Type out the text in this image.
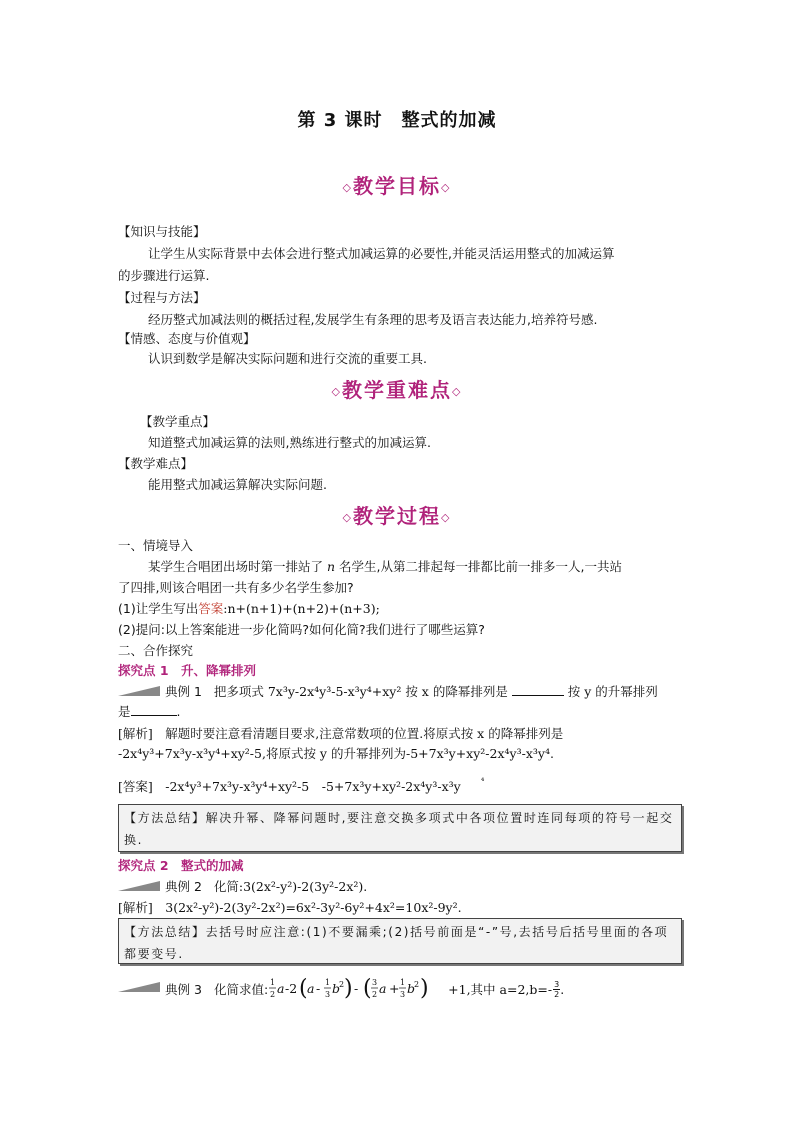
第 3 课时　整式的加减
◇教学目标◇
【知识与技能】
让学生从实际背景中去体会进行整式加减运算的必要性,并能灵活运用整式的加减运算
的步骤进行运算.
【过程与方法】
经历整式加减法则的概括过程,发展学生有条理的思考及语言表达能力,培养符号感.
【情感、态度与价值观】
认识到数学是解决实际问题和进行交流的重要工具.
◇教学重难点◇
【教学重点】
知道整式加减运算的法则,熟练进行整式的加减运算.
【教学难点】
能用整式加减运算解决实际问题.
◇教学过程◇
一、情境导入
某学生合唱团出场时第一排站了 n 名学生,从第二排起每一排都比前一排多一人,一共站
了四排,则该合唱团一共有多少名学生参加?
(1)让学生写出答案:n+(n+1)+(n+2)+(n+3);
(2)提问:以上答案能进一步化简吗?如何化简?我们进行了哪些运算?
二、合作探究
探究点 1　升、降幂排列
典例 1 把多项式 7x³y-2x⁴y³-5-x³y⁴+xy² 按 x 的降幂排列是	按 y 的升幂排列
是	.
[解析]　解题时要注意看清题目要求,注意常数项的位置.将原式按 x 的降幂排列是
-2x⁴y³+7x³y-x³y⁴+xy²-5,将原式按 y 的升幂排列为-5+7x³y+xy²-2x⁴y³-x³y⁴.
[答案]　-2x⁴y³+7x³y-x³y⁴+xy²-5　-5+7x³y+xy²-2x⁴y³-x³y $^{^4}$
【方法总结】解决升幂、降幂问题时,要注意交换多项式中各项位置时连同每项的符号一起交换.
探究点 2　整式的加减
典例 2 化简:3(2x²-y²)-2(3y²-2x²).
[解析]　3(2x²-y²)-2(3y²-2x²)=6x²-3y²-6y²+4x²=10x²-9y².
【方法总结】去括号时应注意:(1)不要漏乘;(2)括号前面是“-”号,去括号后括号里面的各项都要变号.
典例 3 化简求值: 1
2 a -2 ( a - 1
3 b
2 ) - ( 3
2 a + 1
3 b
2 ) +1,其中 $a=2,b=- \frac{3}{2}$ .
